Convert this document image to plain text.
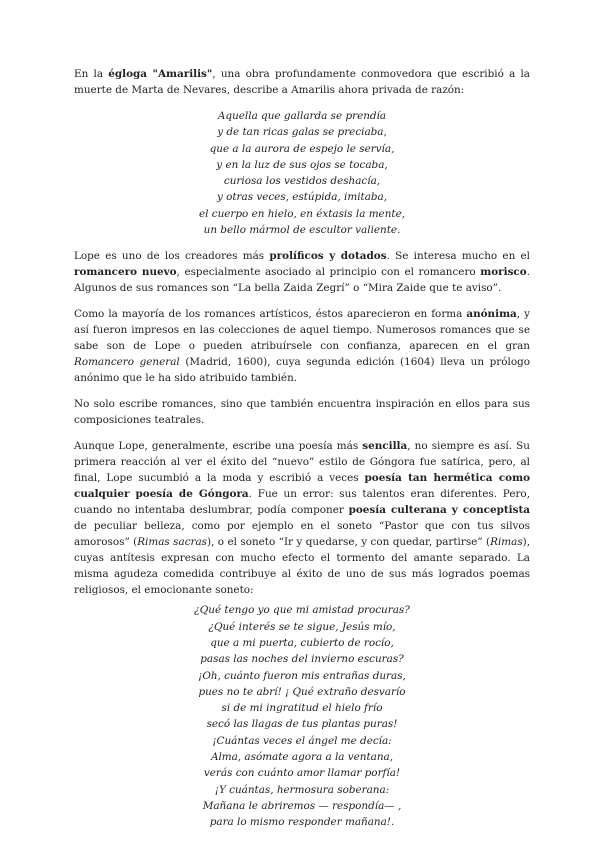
En la égloga "Amarilis", una obra profundamente conmovedora que escribió a la muerte de Marta de Nevares, describe a Amarilis ahora privada de razón:

Aquella que gallarda se prendía
y de tan ricas galas se preciaba,
que a la aurora de espejo le servía,
y en la luz de sus ojos se tocaba,
curiosa los vestidos deshacía,
y otras veces, estúpida, imitaba,
el cuerpo en hielo, en éxtasis la mente,
un bello mármol de escultor valiente.

Lope es uno de los creadores más prolíficos y dotados. Se interesa mucho en el romancero nuevo, especialmente asociado al principio con el romancero morisco. Algunos de sus romances son “La bella Zaida Zegrí” o “Mira Zaide que te aviso”.

Como la mayoría de los romances artísticos, éstos aparecieron en forma anónima, y así fueron impresos en las colecciones de aquel tiempo. Numerosos romances que se sabe son de Lope o pueden atribuírsele con confianza, aparecen en el gran Romancero general (Madrid, 1600), cuya segunda edición (1604) lleva un prólogo anónimo que le ha sido atribuido también.

No solo escribe romances, sino que también encuentra inspiración en ellos para sus composiciones teatrales.

Aunque Lope, generalmente, escribe una poesía más sencilla, no siempre es así. Su primera reacción al ver el éxito del “nuevo” estilo de Góngora fue satírica, pero, al final, Lope sucumbió a la moda y escribió a veces poesía tan hermética como cualquier poesía de Góngora. Fue un error: sus talentos eran diferentes. Pero, cuando no intentaba deslumbrar, podía componer poesía culterana y conceptista de peculiar belleza, como por ejemplo en el soneto “Pastor que con tus silvos amorosos” (Rimas sacras), o el soneto “Ir y quedarse, y con quedar, partirse” (Rimas), cuyas antítesis expresan con mucho efecto el tormento del amante separado. La misma agudeza comedida contribuye al éxito de uno de sus más logrados poemas religiosos, el emocionante soneto:

¿Qué tengo yo que mi amistad procuras?
¿Qué interés se te sigue, Jesús mío,
que a mi puerta, cubierto de rocío,
pasas las noches del invierno escuras?
¡Oh, cuánto fueron mis entrañas duras,
pues no te abrí! ¡ Qué extraño desvarío
si de mi ingratitud el hielo frío
secó las llagas de tus plantas puras!
¡Cuántas veces el ángel me decía:
Alma, asómate agora a la ventana,
verás con cuánto amor llamar porfía!
¡Y cuántas, hermosura soberana:
Mañana le abriremos — respondía— ,
para lo mismo responder mañana!.
